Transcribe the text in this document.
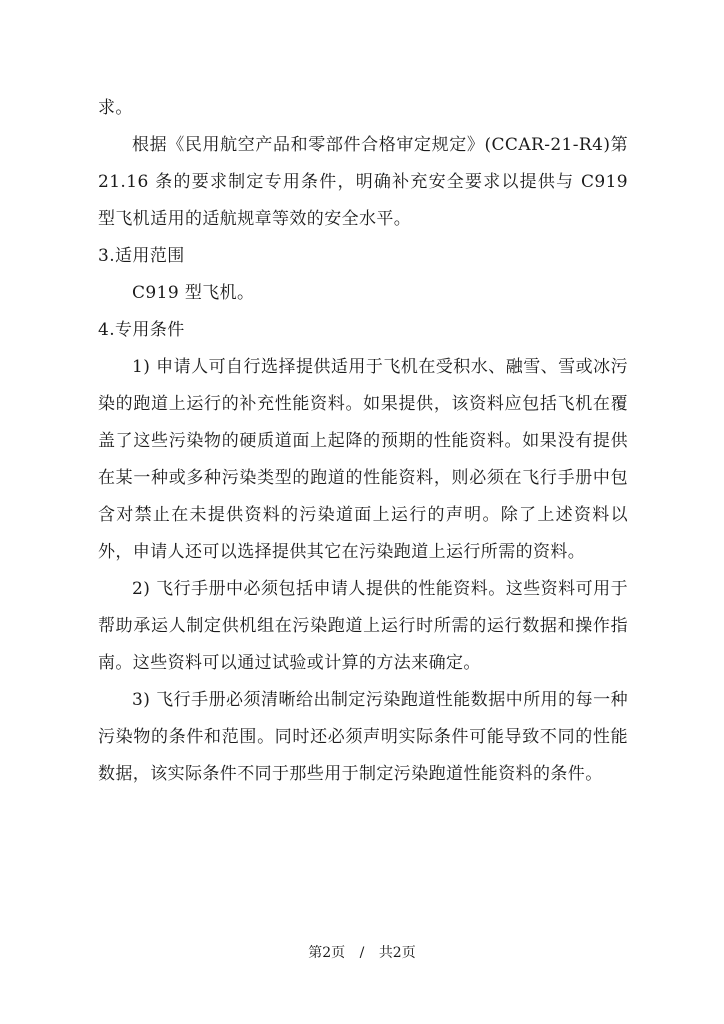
求。

根据《民用航空产品和零部件合格审定规定》(CCAR-21-R4)第 21.16 条的要求制定专用条件，明确补充安全要求以提供与 C919 型飞机适用的适航规章等效的安全水平。

3.适用范围

C919 型飞机。

4.专用条件

1) 申请人可自行选择提供适用于飞机在受积水、融雪、雪或冰污染的跑道上运行的补充性能资料。如果提供，该资料应包括飞机在覆盖了这些污染物的硬质道面上起降的预期的性能资料。如果没有提供在某一种或多种污染类型的跑道的性能资料，则必须在飞行手册中包含对禁止在未提供资料的污染道面上运行的声明。除了上述资料以外，申请人还可以选择提供其它在污染跑道上运行所需的资料。

2) 飞行手册中必须包括申请人提供的性能资料。这些资料可用于帮助承运人制定供机组在污染跑道上运行时所需的运行数据和操作指南。这些资料可以通过试验或计算的方法来确定。

3) 飞行手册必须清晰给出制定污染跑道性能数据中所用的每一种污染物的条件和范围。同时还必须声明实际条件可能导致不同的性能数据，该实际条件不同于那些用于制定污染跑道性能资料的条件。

第2页 / 共2页
